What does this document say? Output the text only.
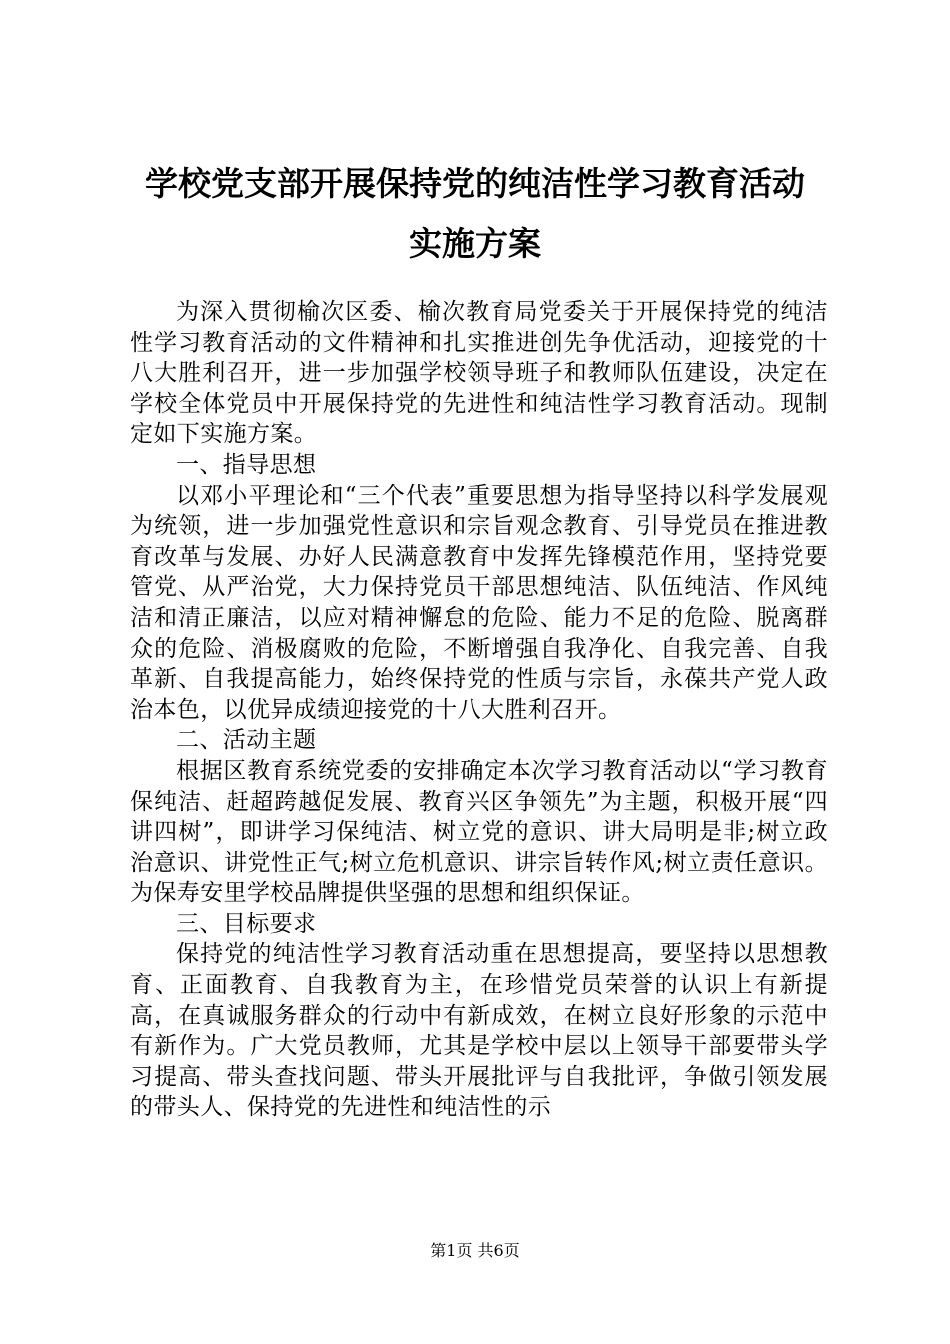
学校党支部开展保持党的纯洁性学习教育活动
实施方案

为深入贯彻榆次区委、榆次教育局党委关于开展保持党的纯洁性学习教育活动的文件精神和扎实推进创先争优活动，迎接党的十八大胜利召开，进一步加强学校领导班子和教师队伍建设，决定在学校全体党员中开展保持党的先进性和纯洁性学习教育活动。现制定如下实施方案。

一、指导思想

以邓小平理论和“三个代表”重要思想为指导坚持以科学发展观为统领，进一步加强党性意识和宗旨观念教育、引导党员在推进教育改革与发展、办好人民满意教育中发挥先锋模范作用，坚持党要管党、从严治党，大力保持党员干部思想纯洁、队伍纯洁、作风纯洁和清正廉洁，以应对精神懈怠的危险、能力不足的危险、脱离群众的危险、消极腐败的危险，不断增强自我净化、自我完善、自我革新、自我提高能力，始终保持党的性质与宗旨，永葆共产党人政治本色，以优异成绩迎接党的十八大胜利召开。

二、活动主题

根据区教育系统党委的安排确定本次学习教育活动以“学习教育保纯洁、赶超跨越促发展、教育兴区争领先”为主题，积极开展“四讲四树”，即讲学习保纯洁、树立党的意识、讲大局明是非;树立政治意识、讲党性正气;树立危机意识、讲宗旨转作风;树立责任意识。为保寿安里学校品牌提供坚强的思想和组织保证。

三、目标要求

保持党的纯洁性学习教育活动重在思想提高，要坚持以思想教育、正面教育、自我教育为主，在珍惜党员荣誉的认识上有新提高，在真诚服务群众的行动中有新成效，在树立良好形象的示范中有新作为。广大党员教师，尤其是学校中层以上领导干部要带头学习提高、带头查找问题、带头开展批评与自我批评，争做引领发展的带头人、保持党的先进性和纯洁性的示

第1页 共6页
